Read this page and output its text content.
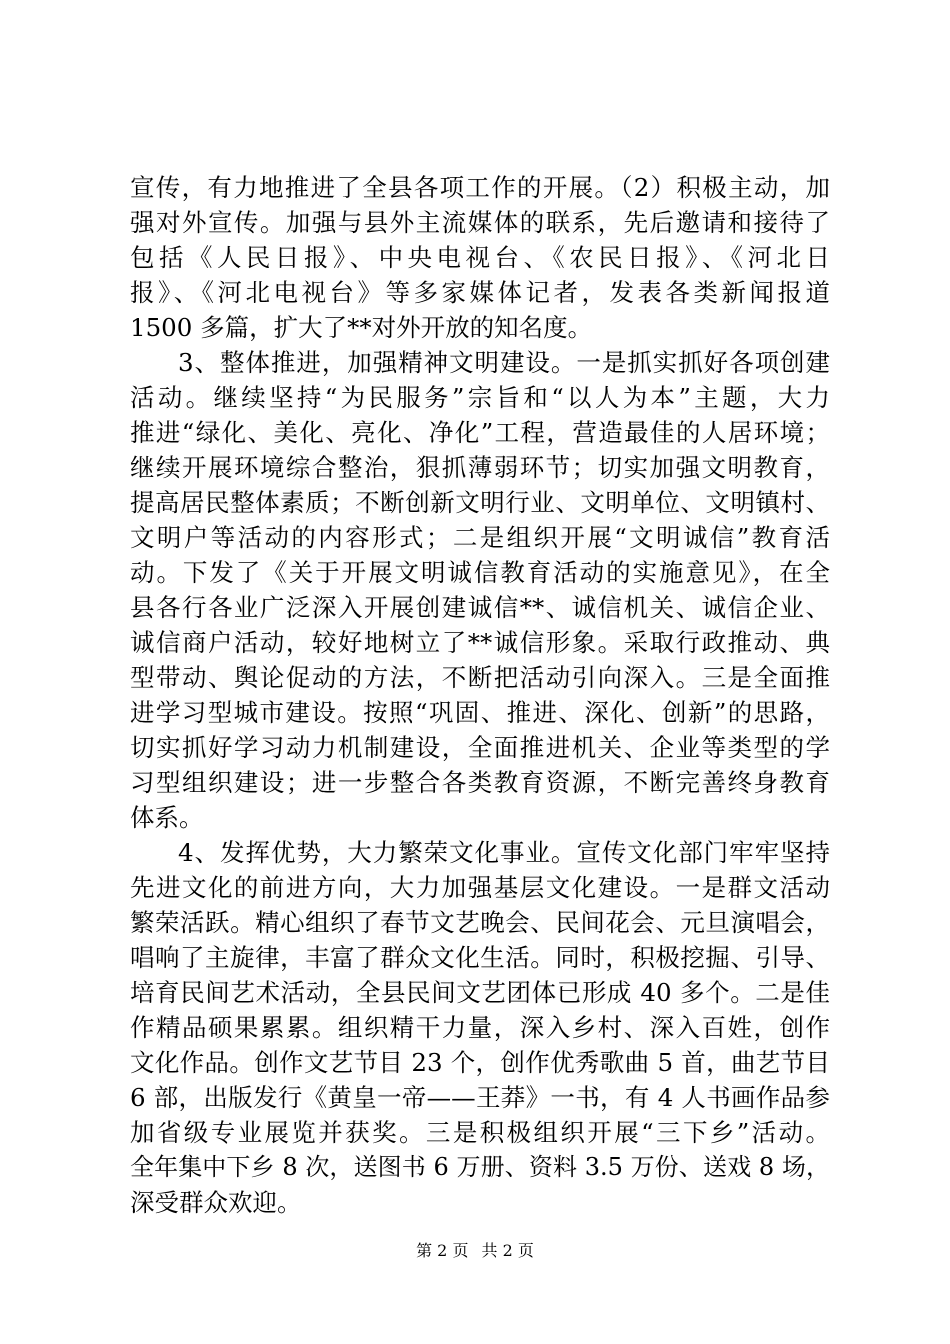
宣传，有力地推进了全县各项工作的开展。（2）积极主动，加
强对外宣传。加强与县外主流媒体的联系，先后邀请和接待了
包括《人民日报》、中央电视台、《农民日报》、《河北日
报》、《河北电视台》等多家媒体记者，发表各类新闻报道
1500 多篇，扩大了**对外开放的知名度。
3、整体推进，加强精神文明建设。一是抓实抓好各项创建
活动。继续坚持“为民服务”宗旨和“以人为本”主题，大力
推进“绿化、美化、亮化、净化”工程，营造最佳的人居环境；
继续开展环境综合整治，狠抓薄弱环节；切实加强文明教育，
提高居民整体素质；不断创新文明行业、文明单位、文明镇村、
文明户等活动的内容形式；二是组织开展“文明诚信”教育活
动。下发了《关于开展文明诚信教育活动的实施意见》，在全
县各行各业广泛深入开展创建诚信**、诚信机关、诚信企业、
诚信商户活动，较好地树立了**诚信形象。采取行政推动、典
型带动、舆论促动的方法，不断把活动引向深入。三是全面推
进学习型城市建设。按照“巩固、推进、深化、创新”的思路，
切实抓好学习动力机制建设，全面推进机关、企业等类型的学
习型组织建设；进一步整合各类教育资源，不断完善终身教育
体系。
4、发挥优势，大力繁荣文化事业。宣传文化部门牢牢坚持
先进文化的前进方向，大力加强基层文化建设。一是群文活动
繁荣活跃。精心组织了春节文艺晚会、民间花会、元旦演唱会，
唱响了主旋律，丰富了群众文化生活。同时，积极挖掘、引导、
培育民间艺术活动，全县民间文艺团体已形成 40 多个。二是佳
作精品硕果累累。组织精干力量，深入乡村、深入百姓，创作
文化作品。创作文艺节目 23 个，创作优秀歌曲 5 首，曲艺节目
6 部，出版发行《黄皇一帝——王莽》一书，有 4 人书画作品参
加省级专业展览并获奖。三是积极组织开展“三下乡”活动。
全年集中下乡 8 次，送图书 6 万册、资料 3.5 万份、送戏 8 场，
深受群众欢迎。
第 2 页 共 2 页
